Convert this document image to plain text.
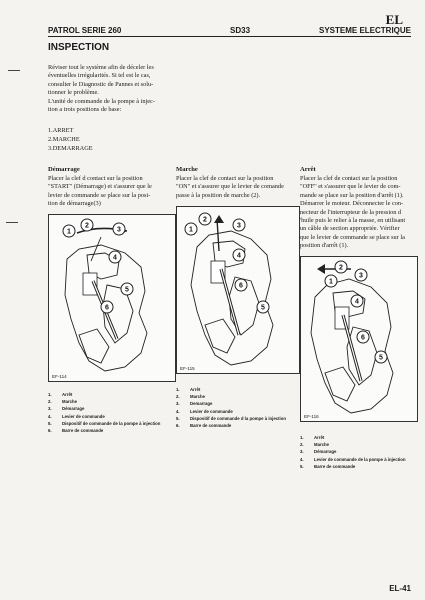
PATROL SERIE 260	SD33
EL
SYSTEME ELECTRIQUE
INSPECTION
Réviser tout le système afin de déceler les
éventuelles irrégularités. Si tel est le cas,
consulter le Diagnostic de Pannes et solu-
tionner le problème.
L'unité de commande de la pompe à injec-
tion a trois positions de base:
1.ARRET
2.MARCHE
3.DEMARRAGE
Démarrage
Placer la clef d contact sur la position
"START" (Démarrage) et s'assurer que le
levier de commande se place sur la posi-
tion de démarrage(3)
1
2
3
4
5
6
EF-114
1.	Arrêt
2.	Marche
3.	Démarrage
4.	Levier de commande
5.	Dispositif de commande de la pompe à injection
6.	Barre de commande
Marche
Placer la clef de contact sur la position
"ON" et s'assurer que le levier de comande
passe à la position de marche (2).
1
2
3
4
5
6
EF-115
1.	Arrêt
2.	Marche
3.	Demarrage
4.	Levier de commande
5.	Dispositif de commande d la pompe à injection
6.	Barre de commande
Arrêt
Placer la clef de contact sur la position
"OFF" et s'assurer que le levier de com-
mande se place sur la position d'arrêt (1).
Démarrer le moteur. Déconnecter le con-
necteur de l'interrupteur de la pression d
'huile puis le relier à la masse, en utilisant
un câble de section appropriée. Vérifier
que le levier de commande se place sur la
position d'arrêt (1).
1
2
3
4
5
6
EF-116
1.	Arrêt
2.	Marche
3.	Démarrage
4.	Levier de commande de la pompe à injection
5.	Barre de commande
EL-41
